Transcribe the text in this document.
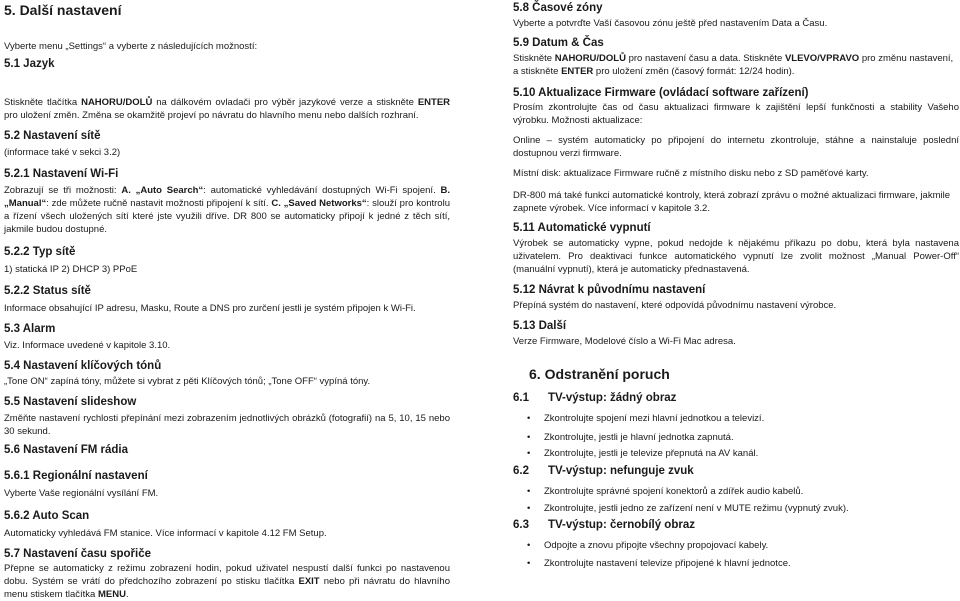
5. Další nastavení
Vyberte menu „Settings“ a vyberte z následujících možností:
5.1 Jazyk
Stiskněte tlačítka NAHORU/DOLŮ na dálkovém ovladači pro výběr jazykové verze a stiskněte ENTER pro uložení změn. Změna se okamžitě projeví po návratu do hlavního menu nebo dalších rozhraní.
5.2 Nastavení sítě
(informace také v sekci 3.2)
5.2.1 Nastavení Wi-Fi
Zobrazují se tři možnosti: A. „Auto Search“: automatické vyhledávání dostupných Wi-Fi spojení. B. „Manual“: zde můžete ručně nastavit možnosti připojení k sítí. C. „Saved Networks“: slouží pro kontrolu a řízení všech uložených sítí které jste využili dříve. DR 800 se automaticky připojí k jedné z těch sítí, jakmile budou dostupné.
5.2.2 Typ sítě
1) statická IP 2) DHCP 3) PPoE
5.2.2 Status sítě
Informace obsahující IP adresu, Masku, Route a DNS pro zurčení jestli je systém připojen k Wi-Fi.
5.3 Alarm
Viz. Informace uvedené v kapitole 3.10.
5.4 Nastavení klíčových tónů
„Tone ON“ zapíná tóny, můžete si vybrat z pěti Klíčových tónů; „Tone OFF“ vypíná tóny.
5.5 Nastavení slideshow
Změňte nastavení rychlosti přepínání mezi zobrazením jednotlivých obrázků (fotografií) na 5, 10, 15 nebo 30 sekund.
5.6 Nastavení FM rádia
5.6.1 Regionální nastavení
Vyberte Vaše regionální vysílání FM.
5.6.2 Auto Scan
Automaticky vyhledává FM stanice. Více informací v kapitole 4.12 FM Setup.
5.7 Nastavení času spořiče
Přepne se automaticky z režimu zobrazení hodin, pokud uživatel nespustí další funkci po nastavenou dobu. Systém se vrátí do předchozího zobrazení po stisku tlačítka EXIT nebo při návratu do hlavního menu stiskem tlačítka MENU.
5.8 Časové zóny
Vyberte a potvrďte Vaší časovou zónu ještě před nastavením Data a Času.
5.9 Datum & Čas
Stiskněte NAHORU/DOLŮ pro nastavení času a data. Stiskněte VLEVO/VPRAVO pro změnu nastavení, a stiskněte ENTER pro uložení změn (časový formát: 12/24 hodin).
5.10 Aktualizace Firmware (ovládací software zařízení)
Prosím zkontrolujte čas od času aktualizaci firmware k zajištění lepší funkčnosti a stability Vašeho výrobku. Možnosti aktualizace:
Online – systém automaticky po připojení do internetu zkontroluje, stáhne a nainstaluje poslední dostupnou verzi firmware.
Místní disk: aktualizace Firmware ručně z místního disku nebo z SD paměťové karty.
DR-800 má také funkci automatické kontroly, která zobrazí zprávu o možné aktualizaci firmware, jakmile zapnete výrobek. Více informací v kapitole 3.2.
5.11 Automatické vypnutí
Výrobek se automaticky vypne, pokud nedojde k nějakému příkazu po dobu, která bylа nastavena uživatelem. Pro deaktivaci funkce automatického vypnutí lze zvolit možnost „Manual Power-Off“ (manuální vypnutí), která je automaticky přednastavená.
5.12 Návrat k původnímu nastavení
Přepíná systém do nastavení, které odpovídá původnímu nastavení výrobce.
5.13 Další
Verze Firmware, Modelové číslo a Wi-Fi Mac adresa.
6. Odstranění poruch
6.1 TV-výstup: žádný obraz
• Zkontrolujte spojení mezi hlavní jednotkou a televizí.
• Zkontrolujte, jestli je hlavní jednotka zapnutá.
• Zkontrolujte, jestli je televize přepnutá na AV kanál.
6.2 TV-výstup: nefunguje zvuk
• Zkontrolujte správné spojení konektorů a zdířek audio kabelů.
• Zkontrolujte, jestli jedno ze zařízení není v MUTE režimu (vypnutý zvuk).
6.3 TV-výstup: černobílý obraz
• Odpojte a znovu připojte všechny propojovací kabely.
• Zkontrolujte nastavení televize připojené k hlavní jednotce.
